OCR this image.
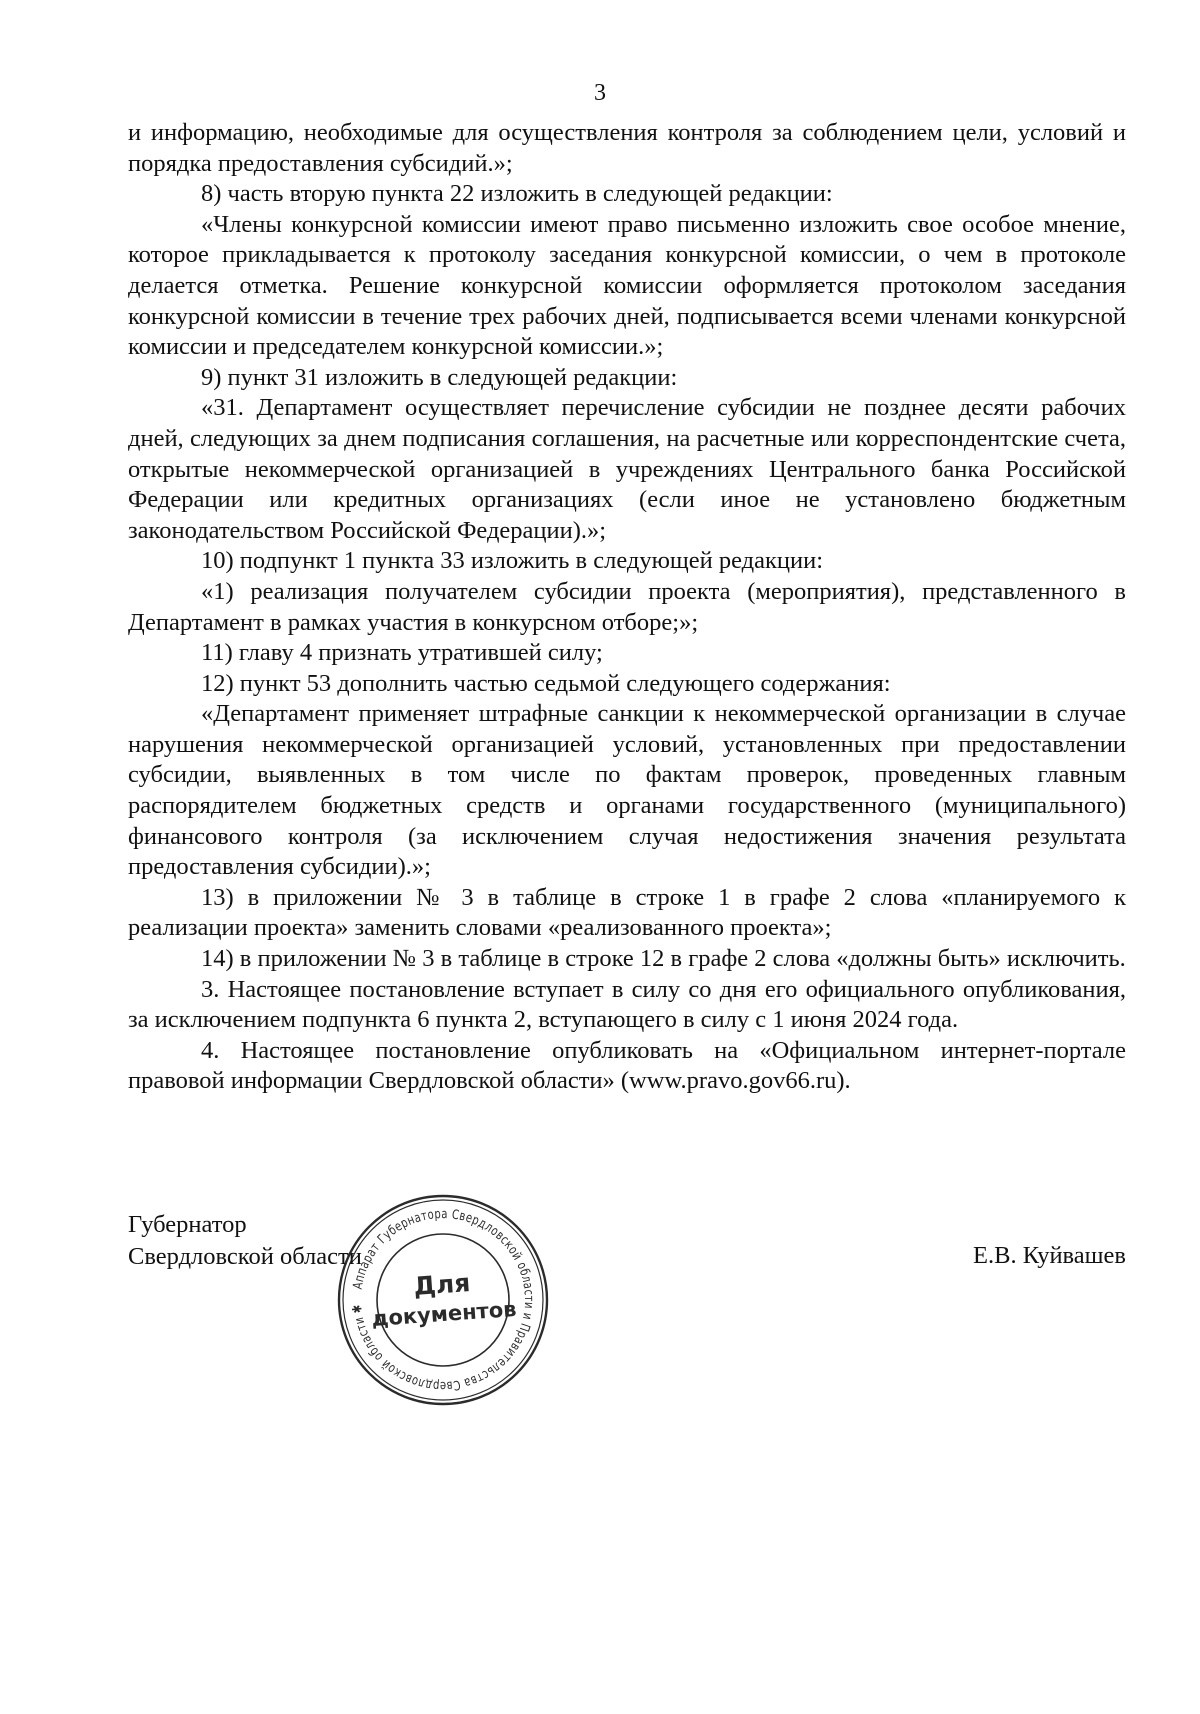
3

и информацию, необходимые для осуществления контроля за соблюдением цели, условий и порядка предоставления субсидий.»;

8) часть вторую пункта 22 изложить в следующей редакции:

«Члены конкурсной комиссии имеют право письменно изложить свое особое мнение, которое прикладывается к протоколу заседания конкурсной комиссии, о чем в протоколе делается отметка. Решение конкурсной комиссии оформляется протоколом заседания конкурсной комиссии в течение трех рабочих дней, подписывается всеми членами конкурсной комиссии и председателем конкурсной комиссии.»;

9) пункт 31 изложить в следующей редакции:

«31. Департамент осуществляет перечисление субсидии не позднее десяти рабочих дней, следующих за днем подписания соглашения, на расчетные или корреспондентские счета, открытые некоммерческой организацией в учреждениях Центрального банка Российской Федерации или кредитных организациях (если иное не установлено бюджетным законодательством Российской Федерации).»;

10) подпункт 1 пункта 33 изложить в следующей редакции:

«1) реализация получателем субсидии проекта (мероприятия), представленного в Департамент в рамках участия в конкурсном отборе;»;

11) главу 4 признать утратившей силу;

12) пункт 53 дополнить частью седьмой следующего содержания:

«Департамент применяет штрафные санкции к некоммерческой организации в случае нарушения некоммерческой организацией условий, установленных при предоставлении субсидии, выявленных в том числе по фактам проверок, проведенных главным распорядителем бюджетных средств и органами государственного (муниципального) финансового контроля (за исключением случая недостижения значения результата предоставления субсидии).»;

13) в приложении № 3 в таблице в строке 1 в графе 2 слова «планируемого к реализации проекта» заменить словами «реализованного проекта»;

14) в приложении № 3 в таблице в строке 12 в графе 2 слова «должны быть» исключить.

3. Настоящее постановление вступает в силу со дня его официального опубликования, за исключением подпункта 6 пункта 2, вступающего в силу с 1 июня 2024 года.

4. Настоящее постановление опубликовать на «Официальном интернет-портале правовой информации Свердловской области» (www.pravo.gov66.ru).

Губернатор
Свердловской области	Е.В. Куйвашев
Аппарат Губернатора Свердловской области и Правительства Свердловской области ✱
Для
документов
